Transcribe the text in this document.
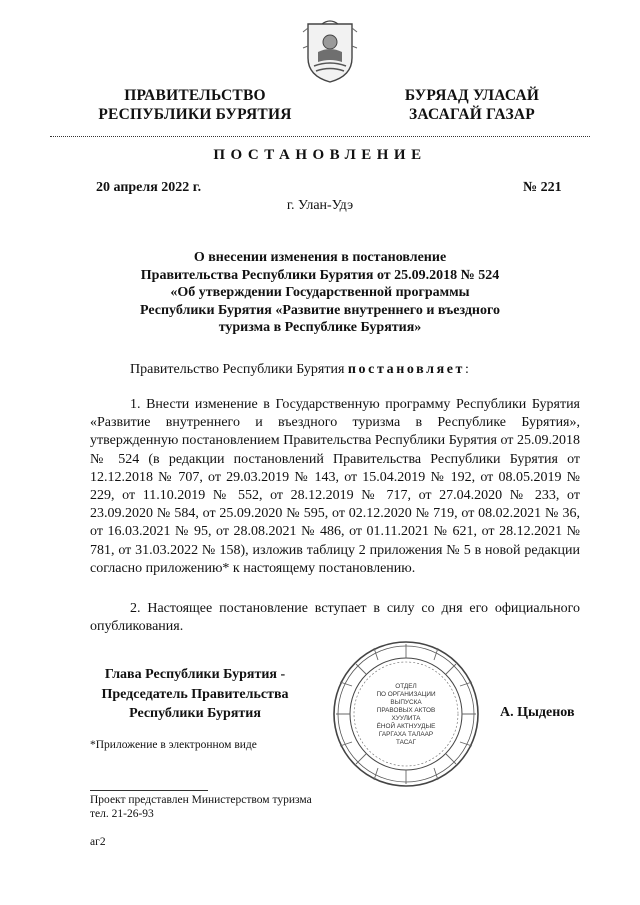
ПРАВИТЕЛЬСТВО
РЕСПУБЛИКИ БУРЯТИЯ
БУРЯАД УЛАСАЙ
ЗАСАГАЙ ГАЗАР
ПОСТАНОВЛЕНИЕ
20 апреля 2022 г.	№ 221
г. Улан-Удэ
О внесении изменения в постановление
Правительства Республики Бурятия от 25.09.2018 № 524
«Об утверждении Государственной программы
Республики Бурятия «Развитие внутреннего и въездного
туризма в Республике Бурятия»
Правительство Республики Бурятия постановляет:
1. Внести изменение в Государственную программу Республики Бурятия «Развитие внутреннего и въездного туризма в Республике Бурятия», утвержденную постановлением Правительства Республики Бурятия от 25.09.2018 № 524 (в редакции постановлений Правительства Республики Бурятия от 12.12.2018 № 707, от 29.03.2019 № 143, от 15.04.2019 № 192, от 08.05.2019 № 229, от 11.10.2019 № 552, от 28.12.2019 № 717, от 27.04.2020 № 233, от 23.09.2020 № 584, от 25.09.2020 № 595, от 02.12.2020 № 719, от 08.02.2021 № 36, от 16.03.2021 № 95, от 28.08.2021 № 486, от 01.11.2021 № 621, от 28.12.2021 № 781, от 31.03.2022 № 158), изложив таблицу 2 приложения № 5 в новой редакции согласно приложению* к настоящему постановлению.
2. Настоящее постановление вступает в силу со дня его официального опубликования.
Глава Республики Бурятия -
Председатель Правительства
Республики Бурятия
ОТДЕЛ
ПО ОРГАНИЗАЦИИ
ВЫПУСКА
ПРАВОВЫХ АКТОВ
ХУУЛИТА
ЁНОЙ АКТНУУДЫЕ
ГАРГАХА ТАЛААР
ТАСАГ
А. Цыденов
*Приложение в электронном виде
Проект представлен Министерством туризма
тел. 21-26-93
аг2
